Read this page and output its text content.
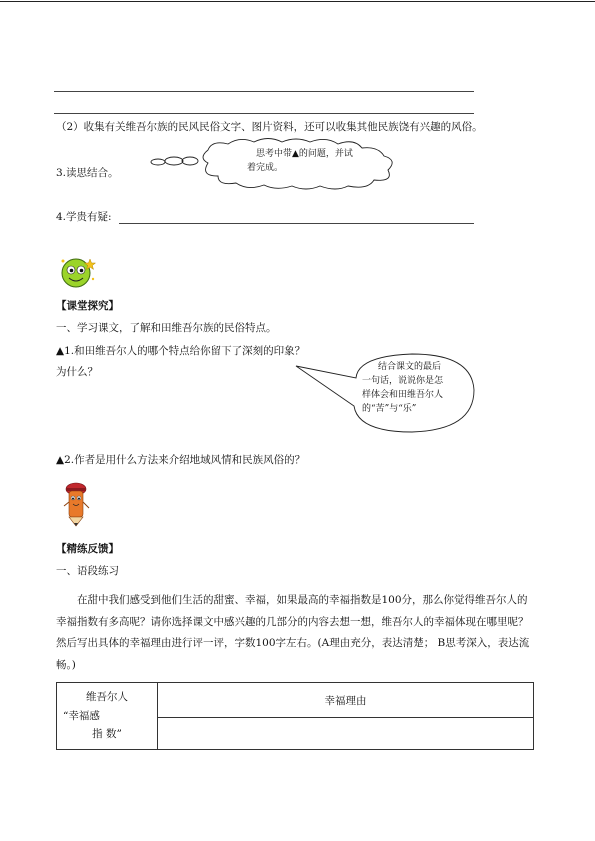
（2）收集有关维吾尔族的民风民俗文字、图片资料，还可以收集其他民族饶有兴趣的风俗。
思考中带▲的问题，并试
着完成。
3.读思结合。
4.学贵有疑:
【课堂探究】
一、学习课文，了解和田维吾尔族的民俗特点。
▲1.和田维吾尔人的哪个特点给你留下了深刻的印象？
为什么？	结合课文的最后
一句话，说说你是怎
样体会和田维吾尔人
的“苦”与“乐”
▲2.作者是用什么方法来介绍地域风情和民族风俗的？
【精练反馈】
一、语段练习
在甜中我们感受到他们生活的甜蜜、幸福，如果最高的幸福指数是100分，那么你觉得维吾尔人的幸福指数有多高呢？请你选择课文中感兴趣的几部分的内容去想一想，维吾尔人的幸福体现在哪里呢？然后写出具体的幸福理由进行评一评，字数100字左右。(A理由充分，表达清楚； B思考深入，表达流畅。)
维吾尔人
“幸福感
指 数”
	幸福理由
